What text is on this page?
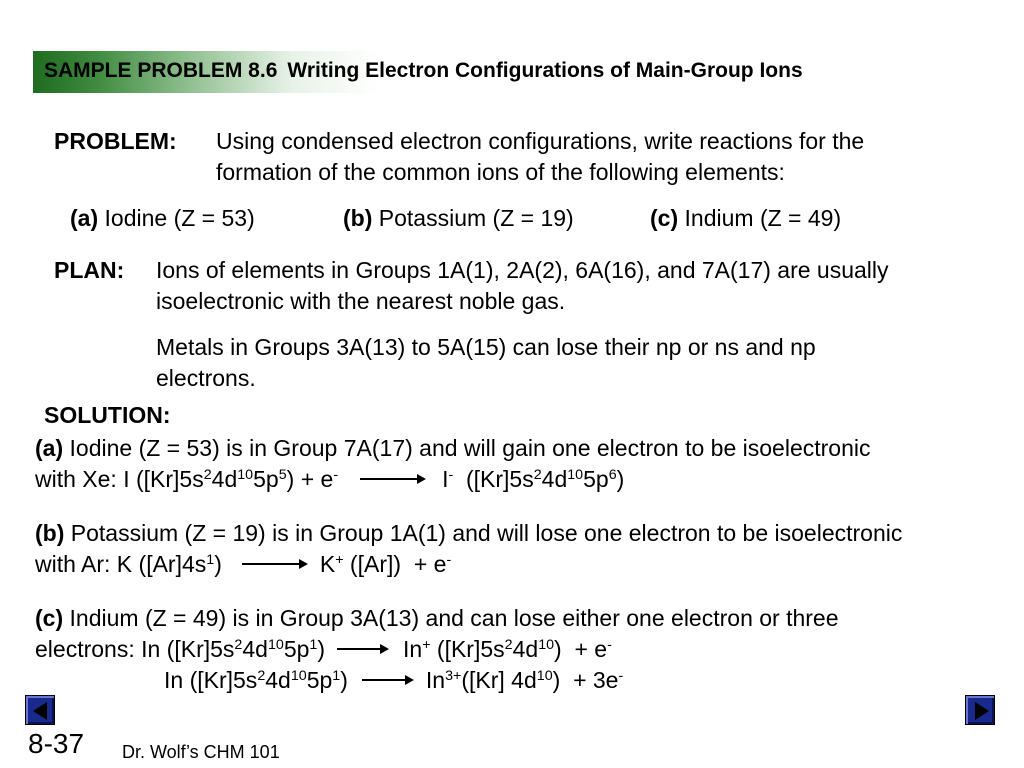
SAMPLE PROBLEM 8.6 Writing Electron Configurations of Main-Group Ions
PROBLEM: Using condensed electron configurations, write reactions for the
formation of the common ions of the following elements:
(a) Iodine (Z = 53)	(b) Potassium (Z = 19)	(c) Indium (Z = 49)
PLAN: Ions of elements in Groups 1A(1), 2A(2), 6A(16), and 7A(17) are usually
isoelectronic with the nearest noble gas.
Metals in Groups 3A(13) to 5A(15) can lose their np or ns and np
electrons.
SOLUTION:
(a) Iodine (Z = 53) is in Group 7A(17) and will gain one electron to be isoelectronic
with Xe: I $([Kr]5s^24d^{10}5p^5) + e^- \to I^-$  $([Kr]5s^24d^{10}5p^6)$
(b) Potassium (Z = 19) is in Group 1A(1) and will lose one electron to be isoelectronic
with Ar: K $([Ar]4s^1) \to K^+$ ([Ar])  + e-
(c) Indium (Z = 49) is in Group 3A(13) and can lose either one electron or three
electrons: In $([Kr]5s^24d^{10}5p^1) \to In^+$ $([Kr]5s^24d^{10}) + e^-$
In $([Kr]5s^24d^{10}5p^1) \to In^{3+}([Kr] 4d^{10}) + 3e^-$
8-37 Dr. Wolf’s CHM 101
